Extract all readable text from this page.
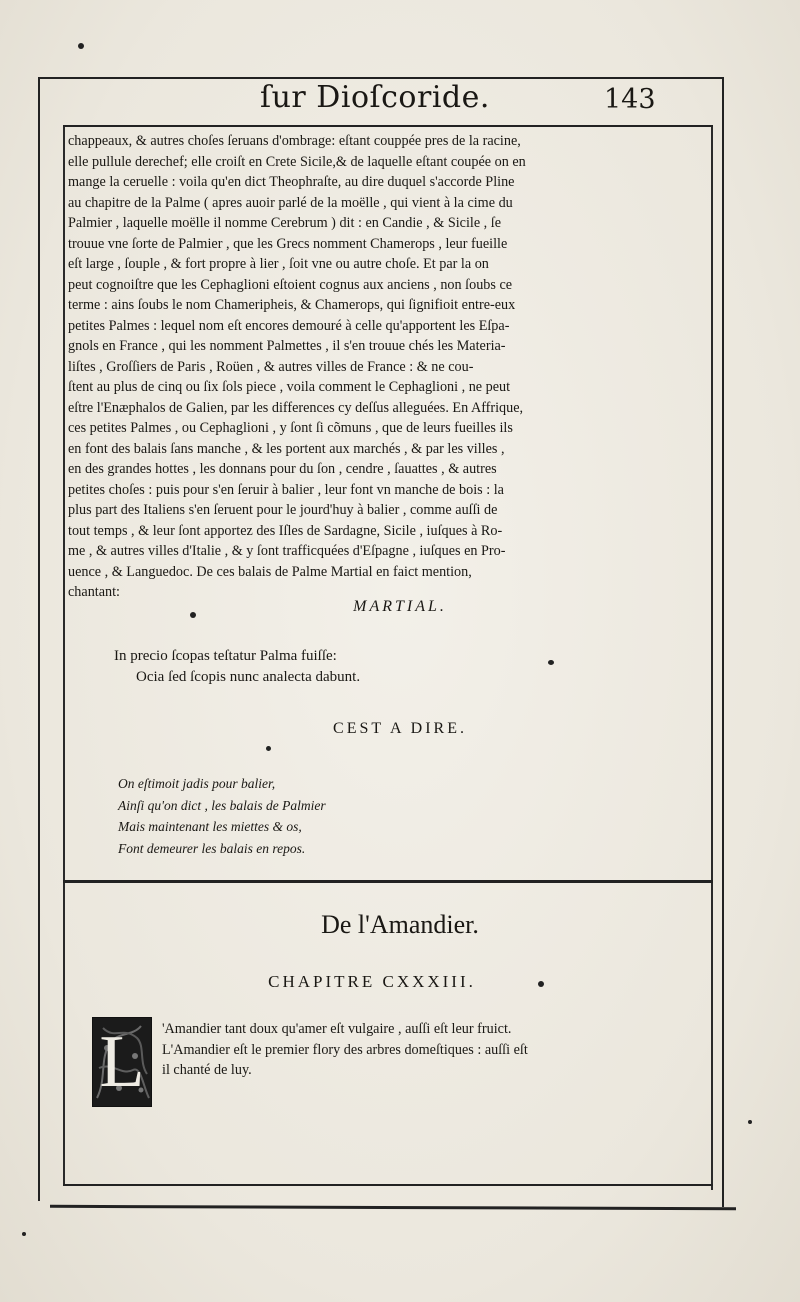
ſur Dioſcoride.	143

chappeaux, & autres choſes ſeruans d'ombrage: eſtant couppée pres de la racine,

elle pullule derechef; elle croiſt en Crete Sicile,& de laquelle eſtant coupée on en

mange la ceruelle : voila qu'en dict Theophraſte, au dire duquel s'accorde Pline

au chapitre de la Palme ( apres auoir parlé de la moëlle , qui vient à la cime du

Palmier , laquelle moëlle il nomme Cerebrum ) dit : en Candie , & Sicile , ſe

trouue vne ſorte de Palmier , que les Grecs nomment Chamerops , leur fueille

eſt large , ſouple , & fort propre à lier , ſoit vne ou autre choſe. Et par la on

peut cognoiſtre que les Cephaglioni eſtoient cognus aux anciens , non ſoubs ce

terme : ains ſoubs le nom Chameripheis, & Chamerops, qui ſignifioit entre-eux

petites Palmes : lequel nom eſt encores demouré à celle qu'apportent les Eſpa-

gnols en France , qui les nomment Palmettes , il s'en trouue chés les Materia-

liſtes , Groſſiers de Paris , Roüen , & autres villes de France : & ne cou-

ſtent au plus de cinq ou ſix ſols piece , voila comment le Cephaglioni , ne peut

eſtre l'Enæphalos de Galien, par les differences cy deſſus alleguées. En Affrique,

ces petites Palmes , ou Cephaglioni , y ſont ſi cõmuns , que de leurs fueilles ils

en font des balais ſans manche , & les portent aux marchés , & par les villes ,

en des grandes hottes , les donnans pour du ſon , cendre , ſauattes , & autres

petites choſes : puis pour s'en ſeruir à balier , leur font vn manche de bois : la

plus part des Italiens s'en ſeruent pour le jourd'huy à balier , comme auſſi de

tout temps , & leur ſont apportez des Iſles de Sardagne, Sicile , iuſques à Ro-

me , & autres villes d'Italie , & y ſont trafficquées d'Eſpagne , iuſques en Pro-

uence , & Languedoc. De ces balais de Palme Martial en faict mention,

chantant:

MARTIAL.
In precio ſcopas teſtatur Palma fuiſſe:
Ocia ſed ſcopis nunc analecta dabunt.
CEST A DIRE.
On eſtimoit jadis pour balier,
Ainſi qu'on dict , les balais de Palmier
Mais maintenant les miettes & os,
Font demeurer les balais en repos.
De l'Amandier.
CHAPITRE CXXXIII.
L	'Amandier tant doux qu'amer eſt vulgaire , auſſi eſt leur fruict.

L'Amandier eſt le premier flory des arbres domeſtiques : auſſi eſt

il chanté de luy.
